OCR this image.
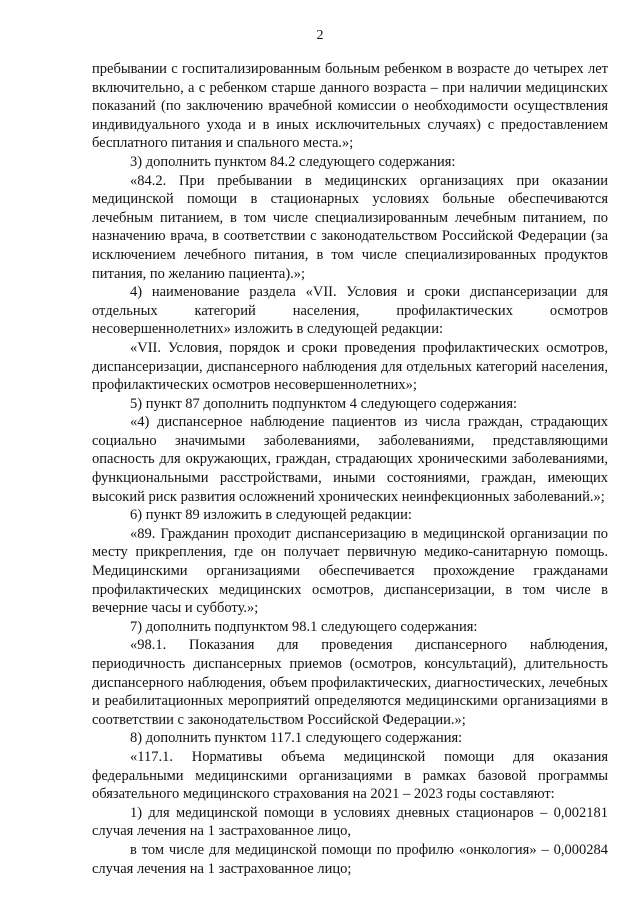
2

пребывании с госпитализированным больным ребенком в возрасте до четырех лет включительно, а с ребенком старше данного возраста – при наличии медицинских показаний (по заключению врачебной комиссии о необходимости осуществления индивидуального ухода и в иных исключительных случаях) с предоставлением бесплатного питания и спального места.»;

3) дополнить пунктом 84.2 следующего содержания:

«84.2. При пребывании в медицинских организациях при оказании медицинской помощи в стационарных условиях больные обеспечиваются лечебным питанием, в том числе специализированным лечебным питанием, по назначению врача, в соответствии с законодательством Российской Федерации (за исключением лечебного питания, в том числе специализированных продуктов питания, по желанию пациента).»;

4) наименование раздела «VII. Условия и сроки диспансеризации для отдельных категорий населения, профилактических осмотров несовершеннолетних» изложить в следующей редакции:

«VII. Условия, порядок и сроки проведения профилактических осмотров, диспансеризации, диспансерного наблюдения для отдельных категорий населения, профилактических осмотров несовершеннолетних»;

5) пункт 87 дополнить подпунктом 4 следующего содержания:

«4) диспансерное наблюдение пациентов из числа граждан, страдающих социально значимыми заболеваниями, заболеваниями, представляющими опасность для окружающих, граждан, страдающих хроническими заболеваниями, функциональными расстройствами, иными состояниями, граждан, имеющих высокий риск развития осложнений хронических неинфекционных заболеваний.»;

6) пункт 89 изложить в следующей редакции:

«89. Гражданин проходит диспансеризацию в медицинской организации по месту прикрепления, где он получает первичную медико-санитарную помощь. Медицинскими организациями обеспечивается прохождение гражданами профилактических медицинских осмотров, диспансеризации, в том числе в вечерние часы и субботу.»;

7) дополнить подпунктом 98.1 следующего содержания:

«98.1. Показания для проведения диспансерного наблюдения, периодичность диспансерных приемов (осмотров, консультаций), длительность диспансерного наблюдения, объем профилактических, диагностических, лечебных и реабилитационных мероприятий определяются медицинскими организациями в соответствии с законодательством Российской Федерации.»;

8) дополнить пунктом 117.1 следующего содержания:

«117.1. Нормативы объема медицинской помощи для оказания федеральными медицинскими организациями в рамках базовой программы обязательного медицинского страхования на 2021 – 2023 годы составляют:

1) для медицинской помощи в условиях дневных стационаров – 0,002181 случая лечения на 1 застрахованное лицо,

в том числе для медицинской помощи по профилю «онкология» – 0,000284 случая лечения на 1 застрахованное лицо;
